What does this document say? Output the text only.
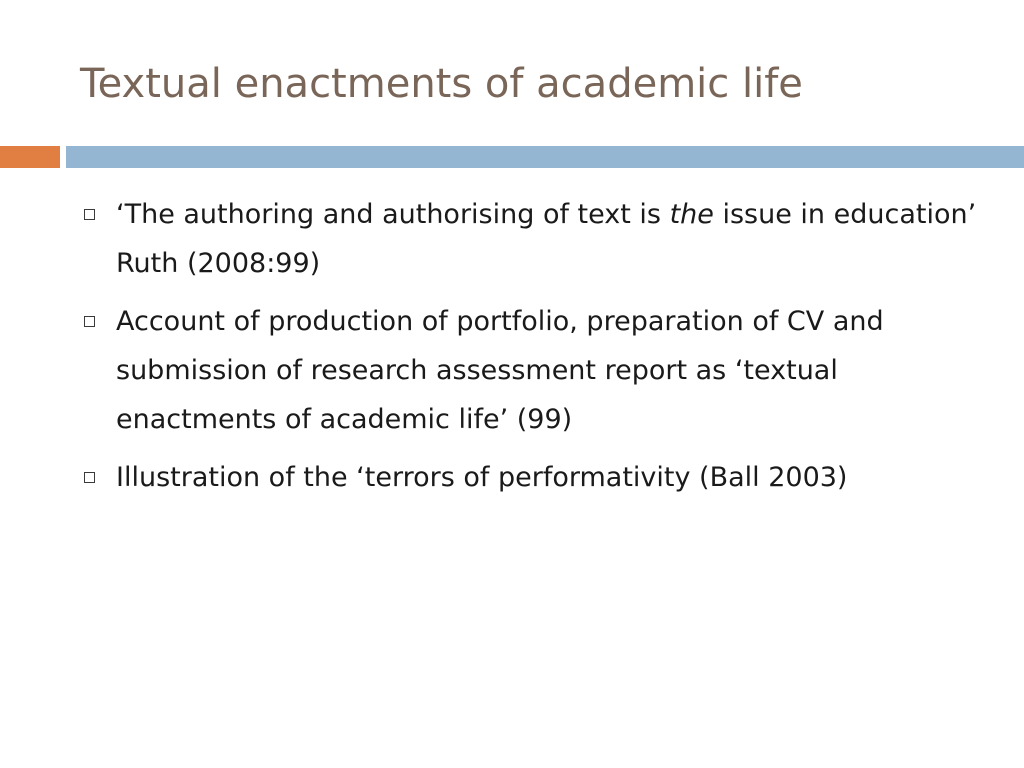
Textual enactments of academic life
‘The authoring and authorising of text is the issue in education’ Ruth (2008:99)
Account of production of portfolio, preparation of CV and submission of research assessment report as ‘textual enactments of academic life’ (99)
Illustration of the ‘terrors of performativity (Ball 2003)
